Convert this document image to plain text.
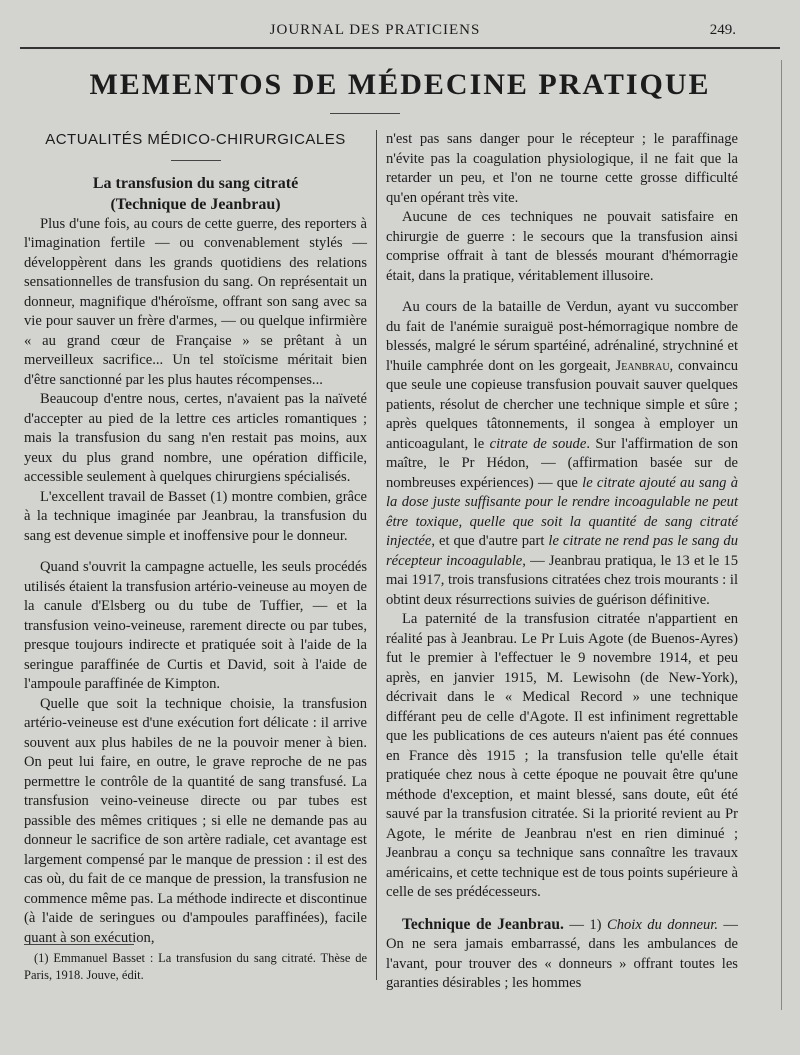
JOURNAL DES PRATICIENS	249.
MEMENTOS DE MÉDECINE PRATIQUE

ACTUALITÉS MÉDICO-CHIRURGICALES

La transfusion du sang citraté

(Technique de Jeanbrau)

Plus d'une fois, au cours de cette guerre, des reporters à l'imagination fertile — ou convenablement stylés — développèrent dans les grands quotidiens des relations sensationnelles de transfusion du sang. On représentait un donneur, magnifique d'héroïsme, offrant son sang avec sa vie pour sauver un frère d'armes, — ou quelque infirmière « au grand cœur de Française » se prêtant à un merveilleux sacrifice... Un tel stoïcisme méritait bien d'être sanctionné par les plus hautes récompenses...

Beaucoup d'entre nous, certes, n'avaient pas la naïveté d'accepter au pied de la lettre ces articles romantiques ; mais la transfusion du sang n'en restait pas moins, aux yeux du plus grand nombre, une opération difficile, accessible seulement à quelques chirurgiens spécialisés.

L'excellent travail de Basset (1) montre combien, grâce à la technique imaginée par Jeanbrau, la transfusion du sang est devenue simple et inoffensive pour le donneur.

Quand s'ouvrit la campagne actuelle, les seuls procédés utilisés étaient la transfusion artério-veineuse au moyen de la canule d'Elsberg ou du tube de Tuffier, — et la transfusion veino-veineuse, rarement directe ou par tubes, presque toujours indirecte et pratiquée soit à l'aide de la seringue paraffinée de Curtis et David, soit à l'aide de l'ampoule paraffinée de Kimpton.

Quelle que soit la technique choisie, la transfusion artério-veineuse est d'une exécution fort délicate : il arrive souvent aux plus habiles de ne la pouvoir mener à bien. On peut lui faire, en outre, le grave reproche de ne pas permettre le contrôle de la quantité de sang transfusé. La transfusion veino-veineuse directe ou par tubes est passible des mêmes critiques ; si elle ne demande pas au donneur le sacrifice de son artère radiale, cet avantage est largement compensé par le manque de pression : il est des cas où, du fait de ce manque de pression, la transfusion ne commence même pas. La méthode indirecte et discontinue (à l'aide de seringues ou d'ampoules paraffinées), facile quant à son exécution,

(1) Emmanuel Basset : La transfusion du sang citraté. Thèse de Paris, 1918. Jouve, édit.

n'est pas sans danger pour le récepteur ; le paraffinage n'évite pas la coagulation physiologique, il ne fait que la retarder un peu, et l'on ne tourne cette grosse difficulté qu'en opérant très vite.

Aucune de ces techniques ne pouvait satisfaire en chirurgie de guerre : le secours que la transfusion ainsi comprise offrait à tant de blessés mourant d'hémorragie était, dans la pratique, véritablement illusoire.

Au cours de la bataille de Verdun, ayant vu succomber du fait de l'anémie suraiguë post-hémorragique nombre de blessés, malgré le sérum spartéiné, adrénaliné, strychniné et l'huile camphrée dont on les gorgeait, Jeanbrau, convaincu que seule une copieuse transfusion pouvait sauver quelques patients, résolut de chercher une technique simple et sûre ; après quelques tâtonnements, il songea à employer un anticoagulant, le citrate de soude. Sur l'affirmation de son maître, le Pr Hédon, — (affirmation basée sur de nombreuses expériences) — que le citrate ajouté au sang à la dose juste suffisante pour le rendre incoagulable ne peut être toxique, quelle que soit la quantité de sang citraté injectée, et que d'autre part le citrate ne rend pas le sang du récepteur incoagulable, — Jeanbrau pratiqua, le 13 et le 15 mai 1917, trois transfusions citratées chez trois mourants : il obtint deux résurrections suivies de guérison définitive.

La paternité de la transfusion citratée n'appartient en réalité pas à Jeanbrau. Le Pr Luis Agote (de Buenos-Ayres) fut le premier à l'effectuer le 9 novembre 1914, et peu après, en janvier 1915, M. Lewisohn (de New-York), décrivait dans le « Medical Record » une technique différant peu de celle d'Agote. Il est infiniment regrettable que les publications de ces auteurs n'aient pas été connues en France dès 1915 ; la transfusion telle qu'elle était pratiquée chez nous à cette époque ne pouvait être qu'une méthode d'exception, et maint blessé, sans doute, eût été sauvé par la transfusion citratée. Si la priorité revient au Pr Agote, le mérite de Jeanbrau n'est en rien diminué ; Jeanbrau a conçu sa technique sans connaître les travaux américains, et cette technique est de tous points supérieure à celle de ses prédécesseurs.

Technique de Jeanbrau. — 1) Choix du donneur. — On ne sera jamais embarrassé, dans les ambulances de l'avant, pour trouver des « donneurs » offrant toutes les garanties désirables ; les hommes
